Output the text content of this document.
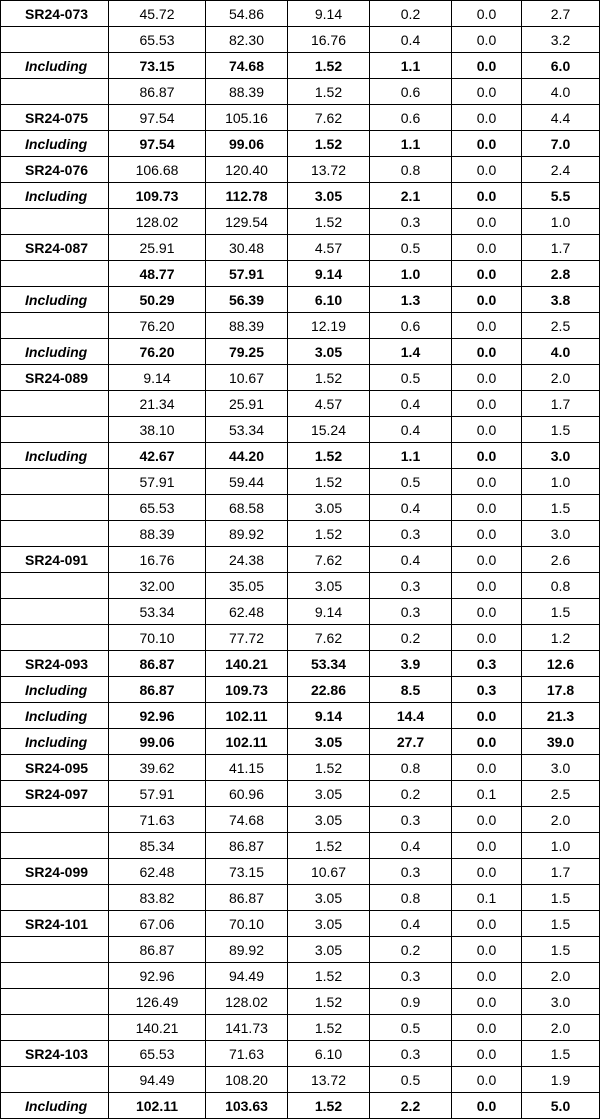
SR24-073	45.72	54.86	9.14	0.2	0.0	2.7
	65.53	82.30	16.76	0.4	0.0	3.2
Including	73.15	74.68	1.52	1.1	0.0	6.0
	86.87	88.39	1.52	0.6	0.0	4.0
SR24-075	97.54	105.16	7.62	0.6	0.0	4.4
Including	97.54	99.06	1.52	1.1	0.0	7.0
SR24-076	106.68	120.40	13.72	0.8	0.0	2.4
Including	109.73	112.78	3.05	2.1	0.0	5.5
	128.02	129.54	1.52	0.3	0.0	1.0
SR24-087	25.91	30.48	4.57	0.5	0.0	1.7
	48.77	57.91	9.14	1.0	0.0	2.8
Including	50.29	56.39	6.10	1.3	0.0	3.8
	76.20	88.39	12.19	0.6	0.0	2.5
Including	76.20	79.25	3.05	1.4	0.0	4.0
SR24-089	9.14	10.67	1.52	0.5	0.0	2.0
	21.34	25.91	4.57	0.4	0.0	1.7
	38.10	53.34	15.24	0.4	0.0	1.5
Including	42.67	44.20	1.52	1.1	0.0	3.0
	57.91	59.44	1.52	0.5	0.0	1.0
	65.53	68.58	3.05	0.4	0.0	1.5
	88.39	89.92	1.52	0.3	0.0	3.0
SR24-091	16.76	24.38	7.62	0.4	0.0	2.6
	32.00	35.05	3.05	0.3	0.0	0.8
	53.34	62.48	9.14	0.3	0.0	1.5
	70.10	77.72	7.62	0.2	0.0	1.2
SR24-093	86.87	140.21	53.34	3.9	0.3	12.6
Including	86.87	109.73	22.86	8.5	0.3	17.8
Including	92.96	102.11	9.14	14.4	0.0	21.3
Including	99.06	102.11	3.05	27.7	0.0	39.0
SR24-095	39.62	41.15	1.52	0.8	0.0	3.0
SR24-097	57.91	60.96	3.05	0.2	0.1	2.5
	71.63	74.68	3.05	0.3	0.0	2.0
	85.34	86.87	1.52	0.4	0.0	1.0
SR24-099	62.48	73.15	10.67	0.3	0.0	1.7
	83.82	86.87	3.05	0.8	0.1	1.5
SR24-101	67.06	70.10	3.05	0.4	0.0	1.5
	86.87	89.92	3.05	0.2	0.0	1.5
	92.96	94.49	1.52	0.3	0.0	2.0
	126.49	128.02	1.52	0.9	0.0	3.0
	140.21	141.73	1.52	0.5	0.0	2.0
SR24-103	65.53	71.63	6.10	0.3	0.0	1.5
	94.49	108.20	13.72	0.5	0.0	1.9
Including	102.11	103.63	1.52	2.2	0.0	5.0
